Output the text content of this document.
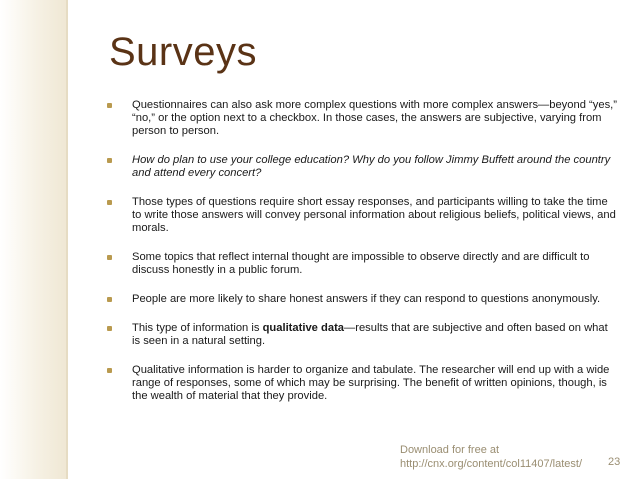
Surveys
Questionnaires can also ask more complex questions with more complex answers—beyond “yes,” “no,” or the option next to a checkbox. In those cases, the answers are subjective, varying from person to person.
How do plan to use your college education? Why do you follow Jimmy Buffett around the country and attend every concert?
Those types of questions require short essay responses, and participants willing to take the time to write those answers will convey personal information about religious beliefs, political views, and morals.
Some topics that reflect internal thought are impossible to observe directly and are difficult to discuss honestly in a public forum.
People are more likely to share honest answers if they can respond to questions anonymously.
This type of information is qualitative data—results that are subjective and often based on what is seen in a natural setting.
Qualitative information is harder to organize and tabulate. The researcher will end up with a wide range of responses, some of which may be surprising. The benefit of written opinions, though, is the wealth of material that they provide.
Download for free at
http://cnx.org/content/col11407/latest/ 23
